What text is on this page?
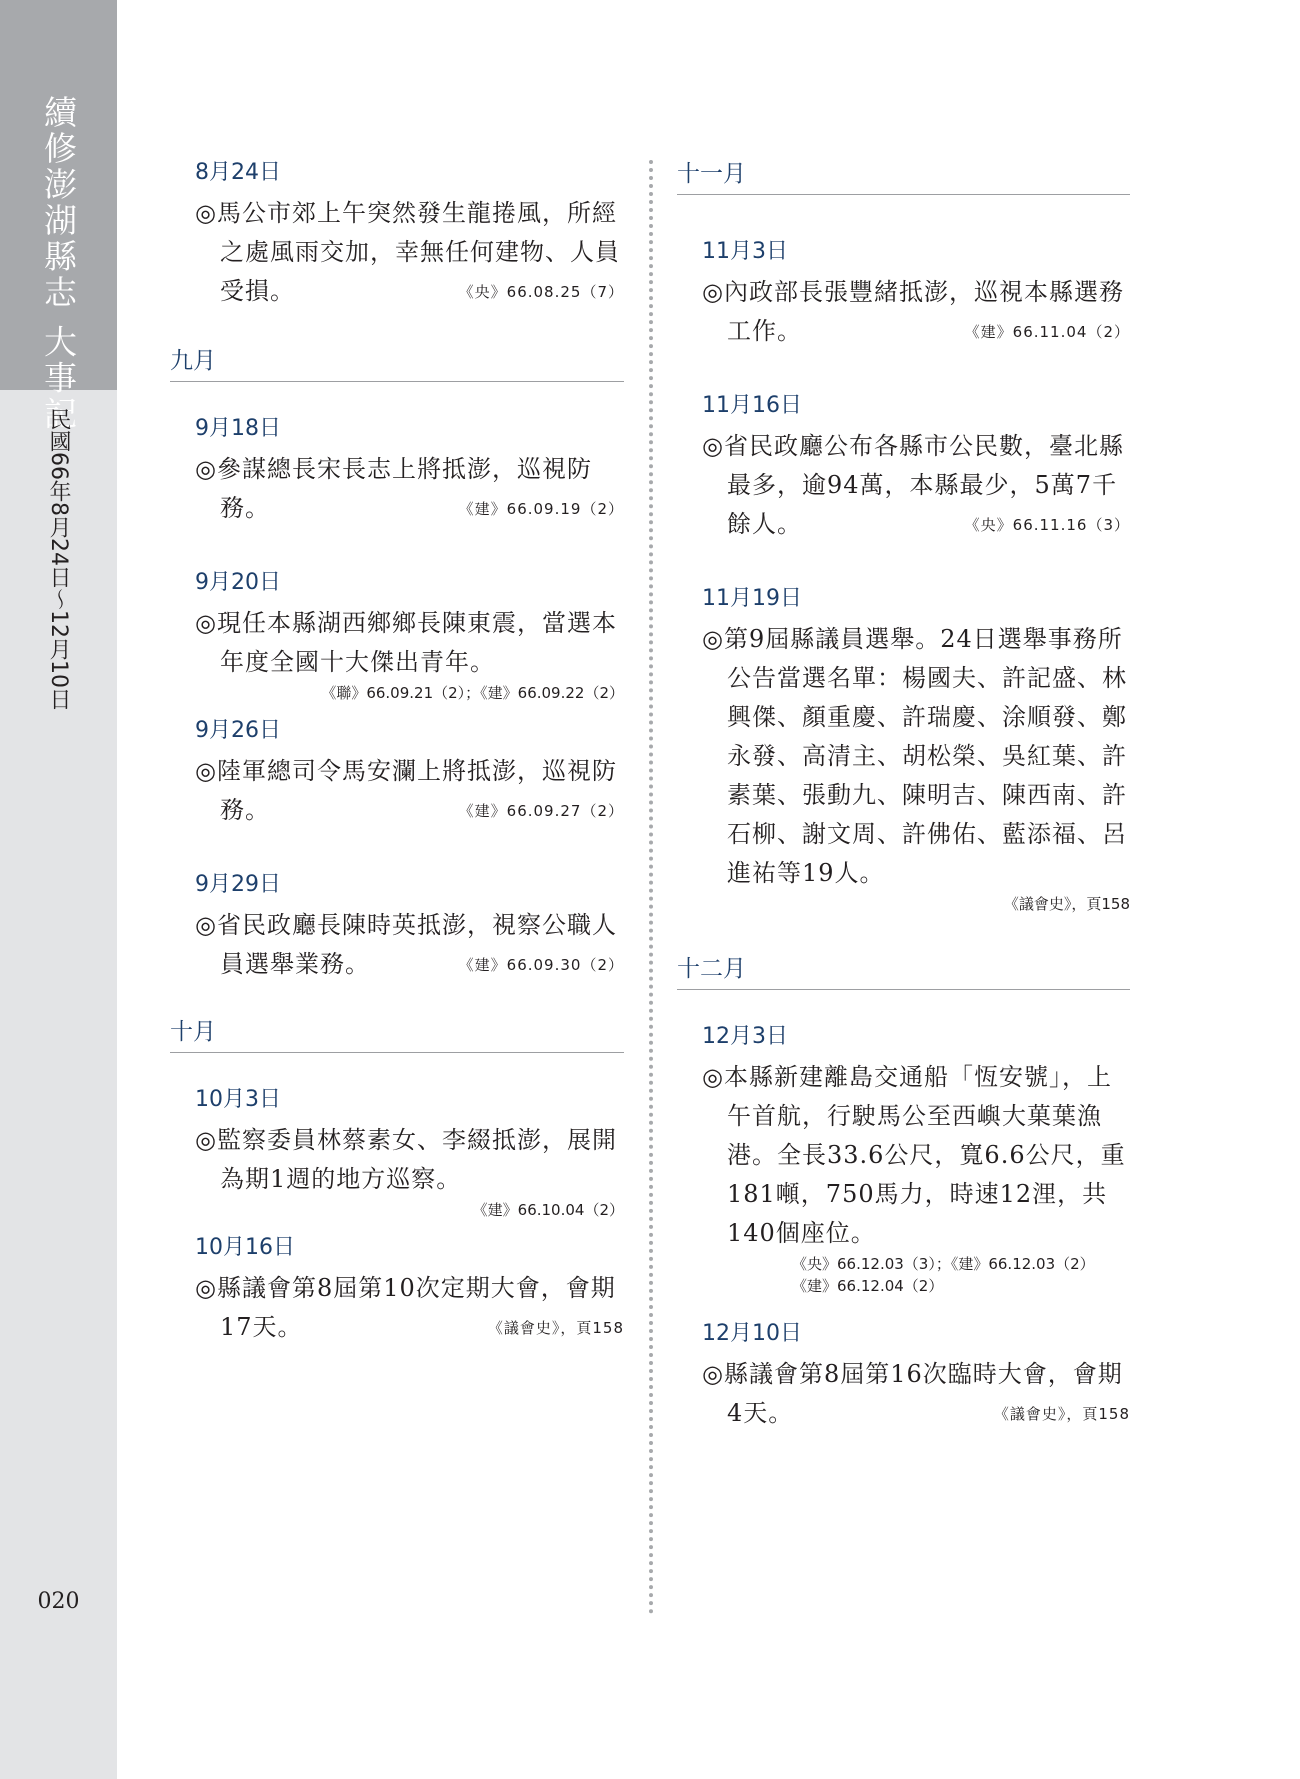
續修澎湖縣志 大事記
民國66年8月24日～12月10日
020
8月24日
◎馬公市郊上午突然發生龍捲風，所經之處風雨交加，幸無任何建物、人員受損。	《央》66.08.25（7）
九月
9月18日
◎參謀總長宋長志上將抵澎，巡視防務。	《建》66.09.19（2）
9月20日
◎現任本縣湖西鄉鄉長陳東震，當選本年度全國十大傑出青年。
《聯》66.09.21（2）；《建》66.09.22（2）
9月26日
◎陸軍總司令馬安瀾上將抵澎，巡視防務。	《建》66.09.27（2）
9月29日
◎省民政廳長陳時英抵澎，視察公職人員選舉業務。	《建》66.09.30（2）
十月
10月3日
◎監察委員林蔡素女、李綴抵澎，展開為期1週的地方巡察。
《建》66.10.04（2）
10月16日
◎縣議會第8屆第10次定期大會，會期17天。	《議會史》，頁158
十一月
11月3日
◎內政部長張豐緒抵澎，巡視本縣選務工作。	《建》66.11.04（2）
11月16日
◎省民政廳公布各縣市公民數，臺北縣最多，逾94萬，本縣最少，5萬7千餘人。	《央》66.11.16（3）
11月19日
◎第9屆縣議員選舉。24日選舉事務所公告當選名單：楊國夫、許記盛、林興傑、顏重慶、許瑞慶、涂順發、鄭永發、高清主、胡松榮、吳紅葉、許素葉、張動九、陳明吉、陳西南、許石柳、謝文周、許佛佑、藍添福、呂進祐等19人。
《議會史》，頁158
十二月
12月3日
◎本縣新建離島交通船「恆安號」，上午首航，行駛馬公至西嶼大菓葉漁港。全長33.6公尺，寬6.6公尺，重181噸，750馬力，時速12浬，共140個座位。
《央》66.12.03（3）；《建》66.12.03（2）
《建》66.12.04（2）
12月10日
◎縣議會第8屆第16次臨時大會，會期4天。	《議會史》，頁158
